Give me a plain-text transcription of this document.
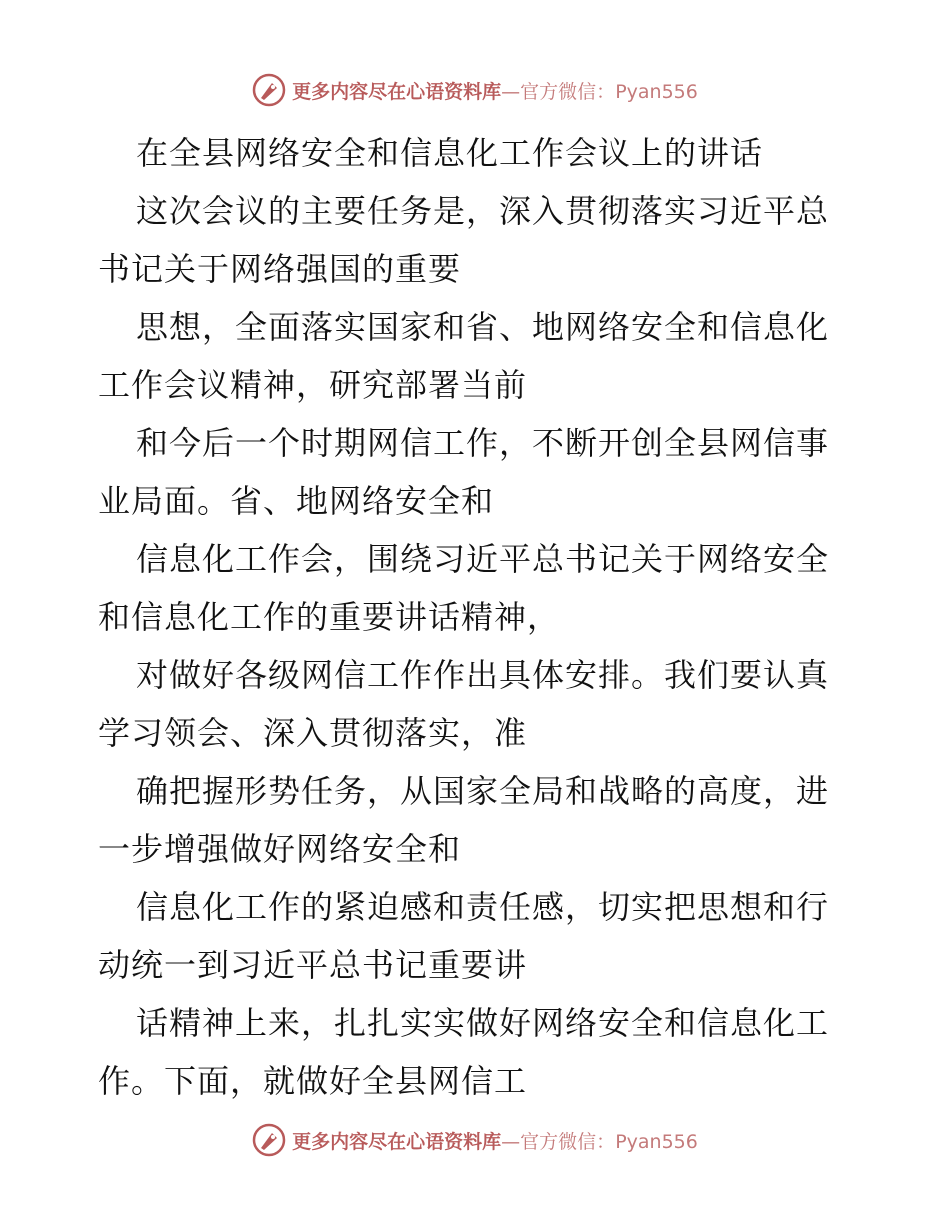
更多内容尽在心语资料库—官方微信：Pyan556
在全县网络安全和信息化工作会议上的讲话
这次会议的主要任务是，深入贯彻落实习近平总
书记关于网络强国的重要
思想，全面落实国家和省、地网络安全和信息化
工作会议精神，研究部署当前
和今后一个时期网信工作，不断开创全县网信事
业局面。省、地网络安全和
信息化工作会，围绕习近平总书记关于网络安全
和信息化工作的重要讲话精神，
对做好各级网信工作作出具体安排。我们要认真
学习领会、深入贯彻落实，准
确把握形势任务，从国家全局和战略的高度，进
一步增强做好网络安全和
信息化工作的紧迫感和责任感，切实把思想和行
动统一到习近平总书记重要讲
话精神上来，扎扎实实做好网络安全和信息化工
作。下面，就做好全县网信工
更多内容尽在心语资料库—官方微信：Pyan556
